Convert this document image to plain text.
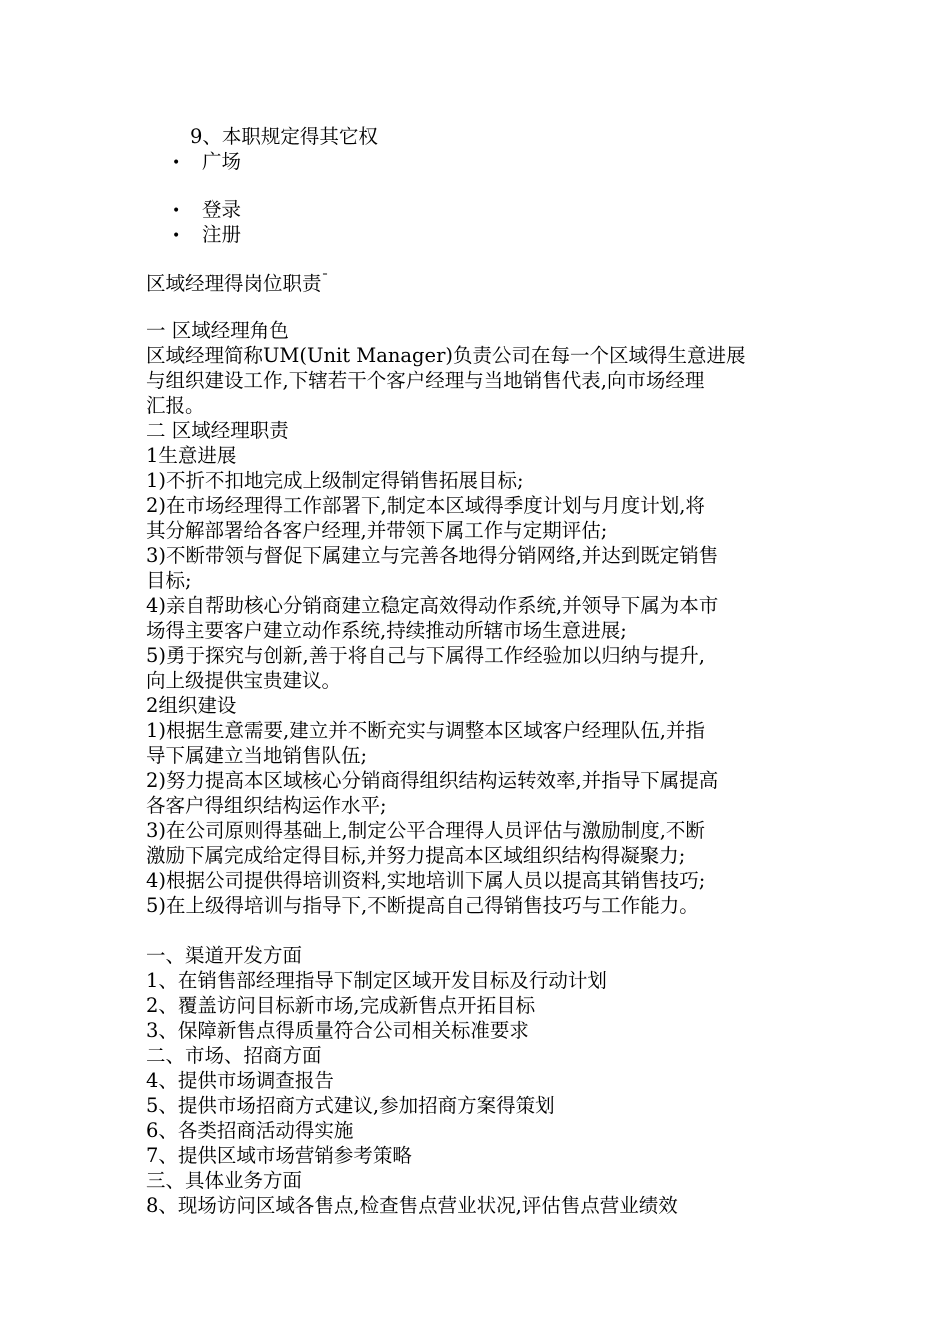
9、本职规定得其它权
• 广场
• 登录
• 注册
区域经理得岗位职责¯
一 区域经理角色
区域经理简称UM(Unit Manager)负责公司在每一个区域得生意进展
与组织建设工作,下辖若干个客户经理与当地销售代表,向市场经理
汇报。
二 区域经理职责
1生意进展
1)不折不扣地完成上级制定得销售拓展目标;
2)在市场经理得工作部署下,制定本区域得季度计划与月度计划,将
其分解部署给各客户经理,并带领下属工作与定期评估;
3)不断带领与督促下属建立与完善各地得分销网络,并达到既定销售
目标;
4)亲自帮助核心分销商建立稳定高效得动作系统,并领导下属为本市
场得主要客户建立动作系统,持续推动所辖市场生意进展;
5)勇于探究与创新,善于将自己与下属得工作经验加以归纳与提升,
向上级提供宝贵建议。
2组织建设
1)根据生意需要,建立并不断充实与调整本区域客户经理队伍,并指
导下属建立当地销售队伍;
2)努力提高本区域核心分销商得组织结构运转效率,并指导下属提高
各客户得组织结构运作水平;
3)在公司原则得基础上,制定公平合理得人员评估与激励制度,不断
激励下属完成给定得目标,并努力提高本区域组织结构得凝聚力;
4)根据公司提供得培训资料,实地培训下属人员以提高其销售技巧;
5)在上级得培训与指导下,不断提高自己得销售技巧与工作能力。
一、渠道开发方面
1、在销售部经理指导下制定区域开发目标及行动计划
2、覆盖访问目标新市场,完成新售点开拓目标
3、保障新售点得质量符合公司相关标准要求
二、市场、招商方面
4、提供市场调查报告
5、提供市场招商方式建议,参加招商方案得策划
6、各类招商活动得实施
7、提供区域市场营销参考策略
三、具体业务方面
8、现场访问区域各售点,检查售点营业状况,评估售点营业绩效
